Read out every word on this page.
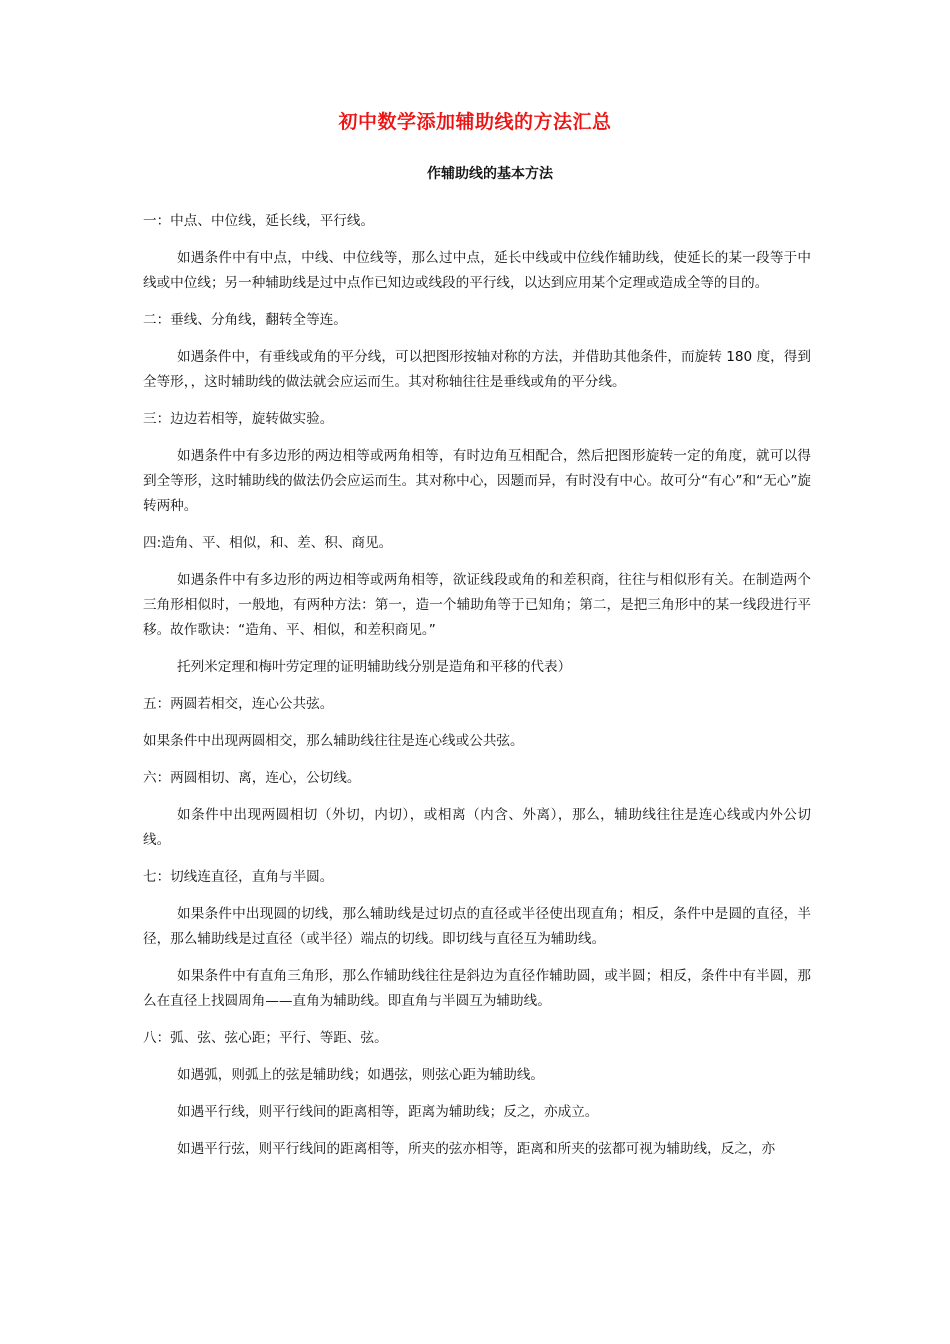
初中数学添加辅助线的方法汇总
作辅助线的基本方法

一：中点、中位线，延长线，平行线。

如遇条件中有中点，中线、中位线等，那么过中点，延长中线或中位线作辅助线，使延长的某一段等于中线或中位线；另一种辅助线是过中点作已知边或线段的平行线，以达到应用某个定理或造成全等的目的。

二：垂线、分角线，翻转全等连。

如遇条件中，有垂线或角的平分线，可以把图形按轴对称的方法，并借助其他条件，而旋转 180 度，得到全等形，，这时辅助线的做法就会应运而生。其对称轴往往是垂线或角的平分线。

三：边边若相等，旋转做实验。

如遇条件中有多边形的两边相等或两角相等，有时边角互相配合，然后把图形旋转一定的角度，就可以得到全等形，这时辅助线的做法仍会应运而生。其对称中心，因题而异，有时没有中心。故可分“有心”和“无心”旋转两种。

四:造角、平、相似，和、差、积、商见。

如遇条件中有多边形的两边相等或两角相等，欲证线段或角的和差积商，往往与相似形有关。在制造两个三角形相似时，一般地，有两种方法：第一，造一个辅助角等于已知角；第二，是把三角形中的某一线段进行平移。故作歌诀：“造角、平、相似，和差积商见。”

托列米定理和梅叶劳定理的证明辅助线分别是造角和平移的代表）

五：两圆若相交，连心公共弦。

如果条件中出现两圆相交，那么辅助线往往是连心线或公共弦。

六：两圆相切、离，连心，公切线。

如条件中出现两圆相切（外切，内切），或相离（内含、外离），那么，辅助线往往是连心线或内外公切线。

七：切线连直径，直角与半圆。

如果条件中出现圆的切线，那么辅助线是过切点的直径或半径使出现直角；相反，条件中是圆的直径，半径，那么辅助线是过直径（或半径）端点的切线。即切线与直径互为辅助线。

如果条件中有直角三角形，那么作辅助线往往是斜边为直径作辅助圆，或半圆；相反，条件中有半圆，那么在直径上找圆周角——直角为辅助线。即直角与半圆互为辅助线。

八：弧、弦、弦心距；平行、等距、弦。

如遇弧，则弧上的弦是辅助线；如遇弦，则弦心距为辅助线。

如遇平行线，则平行线间的距离相等，距离为辅助线；反之，亦成立。

如遇平行弦，则平行线间的距离相等，所夹的弦亦相等，距离和所夹的弦都可视为辅助线，反之，亦
